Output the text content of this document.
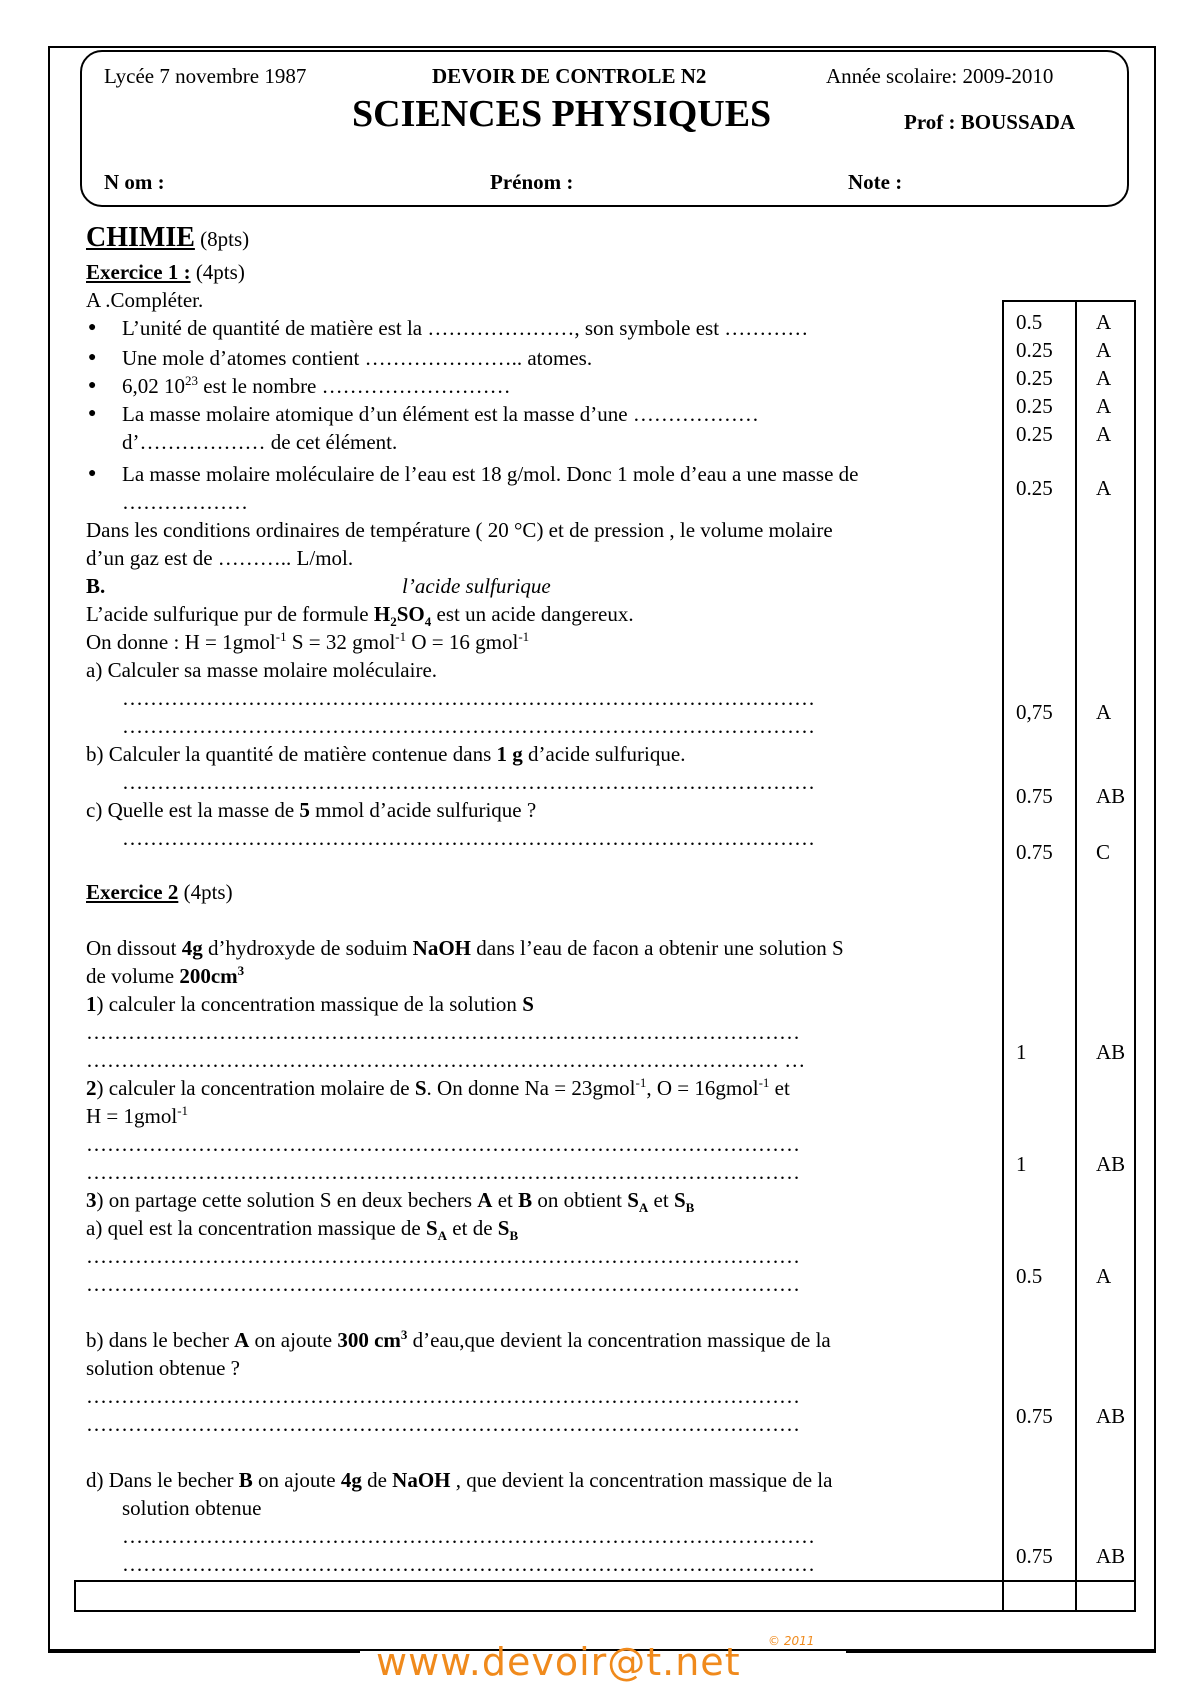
Lycée 7 novembre 1987	DEVOIR DE CONTROLE N2	Année scolaire: 2009-2010
SCIENCES PHYSIQUES	Prof : BOUSSADA
N om :	Prénom :	Note :
CHIMIE (8pts)
Exercice 1 : (4pts)
A .Compléter.
● L’unité de quantité de matière est la …………………, son symbole est …………
● Une mole d’atomes contient ………………….. atomes.
● 6,02 $10^{23}$ est le nombre ………………………
● La masse molaire atomique d’un élément est la masse d’une ………………
d’……………… de cet élément.
● La masse molaire moléculaire de l’eau est 18 g/mol. Donc 1 mole d’eau a une masse de
………………
Dans les conditions ordinaires de température ( 20 °C) et de pression , le volume molaire
d’un gaz est de ……….. L/mol.
B.	l’acide sulfurique
L’acide sulfurique pur de formule $H_2SO_4$ est un acide dangereux.
On donne : H = 1gmol$^{-1}$ S = 32 gmol$^{-1}$ O = 16 gmol$^{-1}$
a) Calculer sa masse molaire moléculaire.
………………………………………………………………………………………
………………………………………………………………………………………
b) Calculer la quantité de matière contenue dans 1 g d’acide sulfurique.
………………………………………………………………………………………
c) Quelle est la masse de 5 mmol d’acide sulfurique ?
………………………………………………………………………………………
Exercice 2 (4pts)
On dissout 4g d’hydroxyde de soduim NaOH dans l’eau de facon a obtenir une solution S
de volume $200cm^3$
1) calculer la concentration massique de la solution S
…………………………………………………………………………………………
……………………………………………………………………………………… …
2) calculer la concentration molaire de S. On donne Na = 23gmol$^{-1}$, O = 16gmol$^{-1}$ et
H = 1gmol$^{-1}$
…………………………………………………………………………………………
…………………………………………………………………………………………
3) on partage cette solution S en deux bechers A et B on obtient $S_A$ et $S_B$
a) quel est la concentration massique de $S_A$ et de $S_B$
…………………………………………………………………………………………
…………………………………………………………………………………………
b) dans le becher A on ajoute 300 $cm^3$ d’eau,que devient la concentration massique de la
solution obtenue ?
…………………………………………………………………………………………
…………………………………………………………………………………………
d) Dans le becher B on ajoute 4g de NaOH , que devient la concentration massique de la
solution obtenue
………………………………………………………………………………………
………………………………………………………………………………………
0.5	A
0.25 A
0.25 A
0.25 A
0.25 A
0.25 A
0,75 A
0.75 AB
0.75 C
1	AB
1	AB
0.5	A
0.75 AB
0.75 AB
www.devoir@t.net © 2011
